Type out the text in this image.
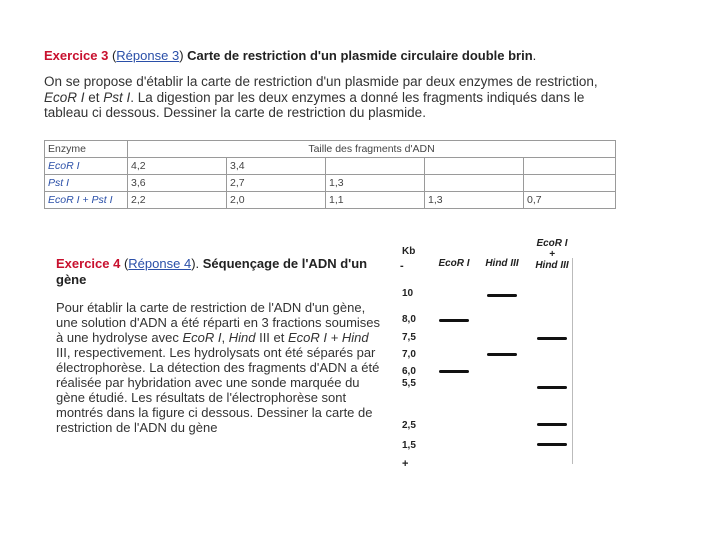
Exercice 3 (Réponse 3) Carte de restriction d'un plasmide circulaire double brin.

On se propose d'établir la carte de restriction d'un plasmide par deux enzymes de restriction, EcoR I et Pst I. La digestion par les deux enzymes a donné les fragments indiqués dans le tableau ci dessous. Dessiner la carte de restriction du plasmide.

Enzyme	Taille des fragments d'ADN				
EcoR I	4,2	3,4			
Pst I	3,6	2,7	1,3		
EcoR I + Pst I	2,2	2,0	1,1	1,3	0,7

Exercice 4 (Réponse 4). Séquençage de l'ADN d'un gène

Pour établir la carte de restriction de l'ADN d'un gène, une solution d'ADN a été réparti en 3 fractions soumises à une hydrolyse avec EcoR I, Hind III et EcoR I + Hind III, respectivement. Les hydrolysats ont été séparés par électrophorèse. La détection des fragments d'ADN a été réalisée par hybridation avec une sonde marquée du gène étudié. Les résultats de l'électrophorèse sont montrés dans la figure ci dessous. Dessiner la carte de restriction de l'ADN du gène

Kb
-
+
10
8,0
7,5
7,0
6,0
5,5
2,5
1,5
EcoR I	Hind III
EcoR I
+
Hind III
